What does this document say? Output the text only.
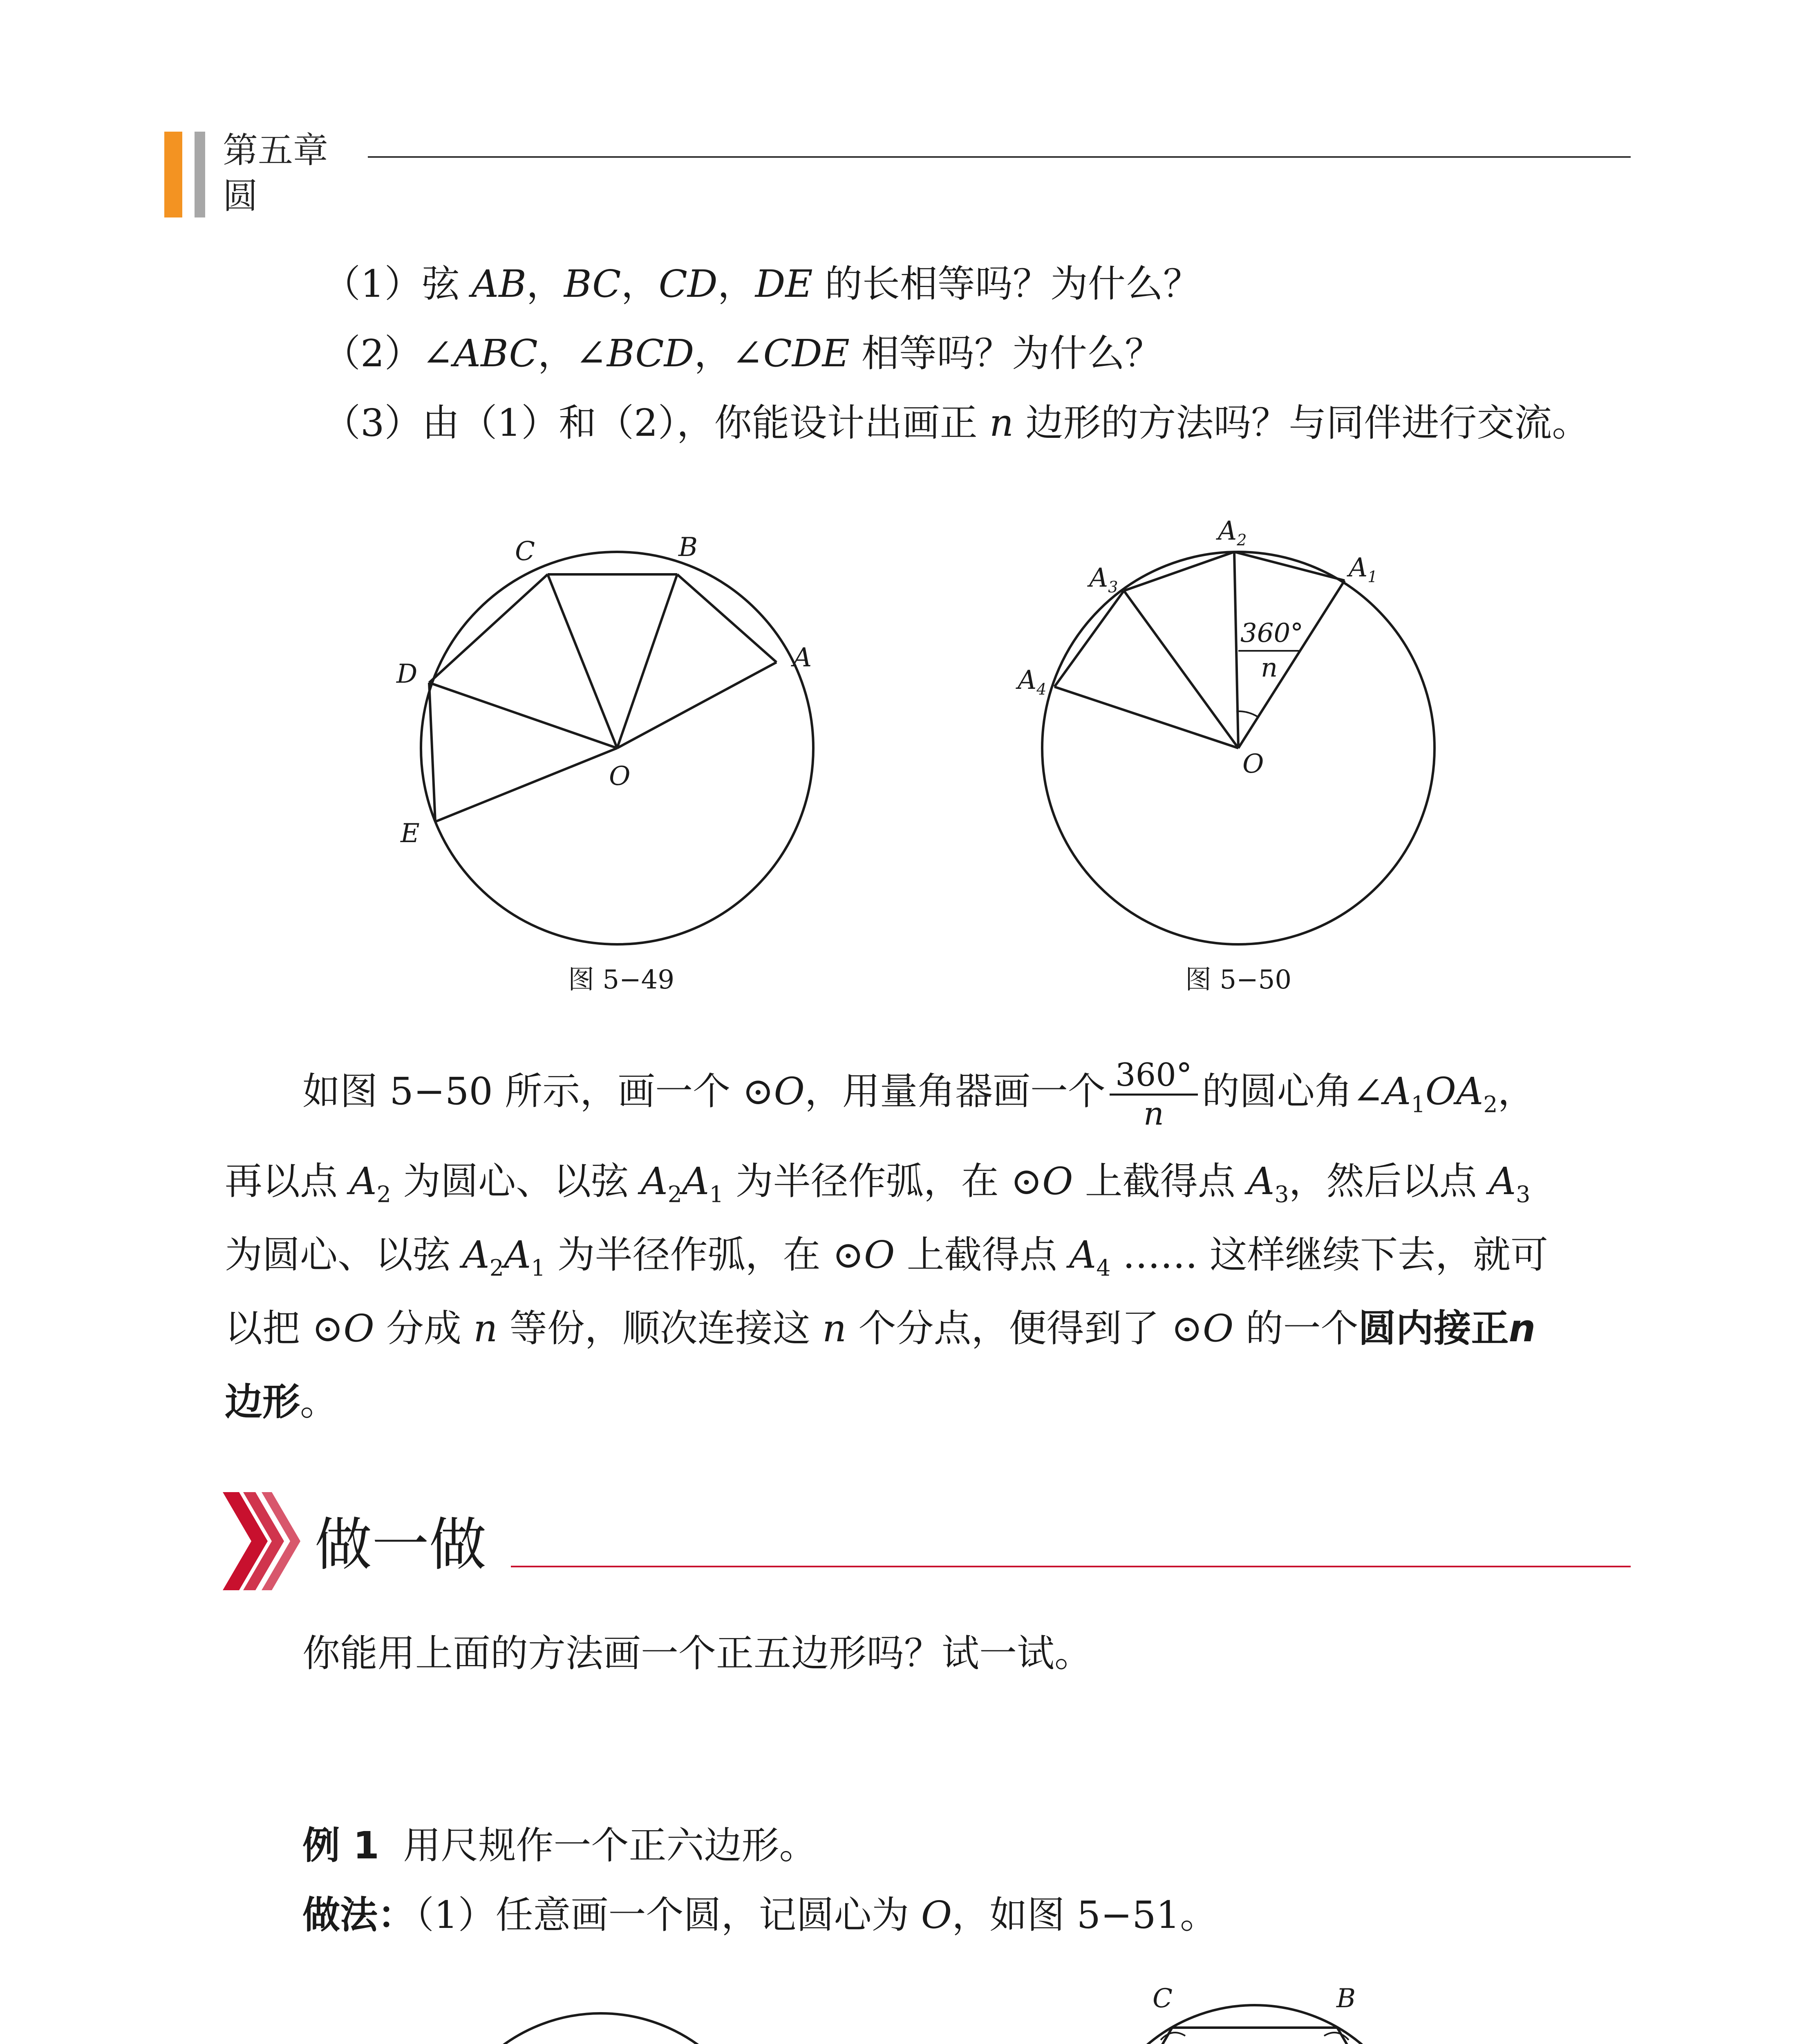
第五章
圆
（1）弦 AB，BC，CD，DE 的长相等吗？为什么？
（2）∠ABC，∠BCD，∠CDE 相等吗？为什么？
（3）由（1）和（2），你能设计出画正 n 边形的方法吗？与同伴进行交流。
A
B
C
D
E
O
图 5−49
$A_1$
$A_2$
$A_3$
$A_4$
O
360°
n
图 5−50
如图 5−50 所示，画一个 ⊙O，用量角器画一个 $\frac{360^\circ}{n}$ 的圆心角$\angle A_1OA_2$，
再以点 $A_2$ 为圆心、以弦 $A_2A_1$ 为半径作弧，在 ⊙O 上截得点 $A_3$，然后以点 $A_3$
为圆心、以弦 $A_2A_1$ 为半径作弧，在 ⊙O 上截得点 $A_4$ …… 这样继续下去，就可
以把 ⊙O 分成 n 等份，顺次连接这 n 个分点，便得到了 ⊙O 的一个圆内接正n
边形。
做一做
你能用上面的方法画一个正五边形吗？试一试。
例 1 用尺规作一个正六边形。
做法：（1）任意画一个圆，记圆心为 O，如图 5−51。
B
C
